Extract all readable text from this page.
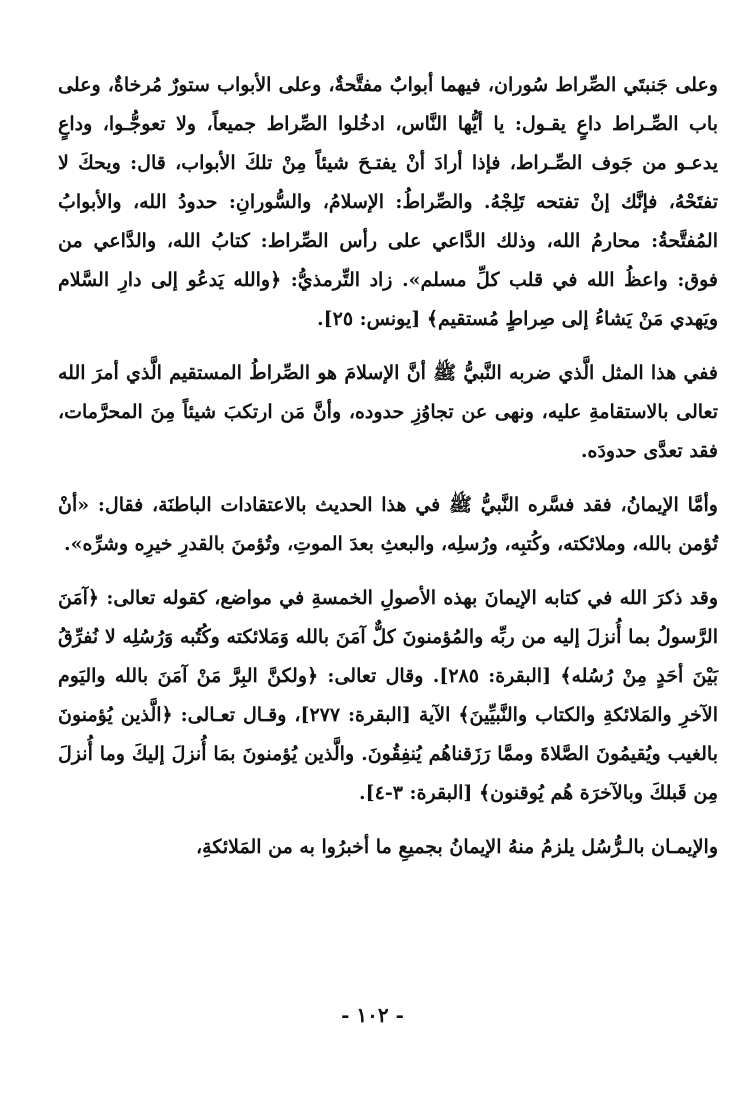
وعلى جَنبتَي الصِّراط سُوران، فيهما أبوابٌ مفتَّحةٌ، وعلى الأبواب ستورٌ مُرخاةٌ، وعلى باب الصِّـراط داعٍ يقـول: يا أيُّها النَّاس، ادخُلوا الصِّراط جميعاً، ولا تعوجُّـوا، وداعٍ يدعـو من جَوف الصِّـراط، فإذا أرادَ أنْ يفتـحَ شيئاً مِنْ تلكَ الأبواب، قال: ويحكَ لا تفتَحْهُ، فإنَّك إنْ تفتحه تَلِجْهُ. والصِّراطُ: الإسلامُ، والسُّورانِ: حدودُ الله، والأبوابُ المُفتَّحةُ: محارمُ الله، وذلك الدَّاعي على رأس الصِّراط: كتابُ الله، والدَّاعي من فوق: واعظُ الله في قلب كلِّ مسلم». زاد التِّرمذيُّ: ﴿والله يَدعُو إلى دارِ السَّلام ويَهدي مَنْ يَشاءُ إلى صِراطٍ مُستقيم﴾ [يونس: ٢٥].

ففي هذا المثل الَّذي ضربه النَّبيُّ ﷺ أنَّ الإسلامَ هو الصِّراطُ المستقيم الَّذي أمرَ الله تعالى بالاستقامةِ عليه، ونهى عن تجاوُزِ حدوده، وأنَّ مَن ارتكبَ شيئاً مِنَ المحرَّمات، فقد تعدَّى حدودَه.

وأمَّا الإيمانُ، فقد فسَّره النَّبيُّ ﷺ في هذا الحديث بالاعتقادات الباطنَة، فقال: «أنْ تُؤمن بالله، وملائكته، وكُتبِه، ورُسلِه، والبعثِ بعدَ الموتِ، وتُؤمنَ بالقدرِ خيرِه وشرِّه».

وقد ذكرَ الله في كتابه الإيمانَ بهذه الأصولِ الخمسةِ في مواضع، كقوله تعالى: ﴿آمَنَ الرَّسولُ بما أُنزلَ إليه من ربِّه والمُؤمنونَ كلٌّ آمَنَ بالله وَمَلائكته وكُتُبه وَرُسُلِه لا نُفرِّقُ بَيْنَ أحَدٍ مِنْ رُسُله﴾ [البقرة: ٢٨٥]. وقال تعالى: ﴿ولكنَّ البِرَّ مَنْ آمَنَ بالله واليَوم الآخرِ والمَلائكةِ والكتاب والنَّبيِّينَ﴾ الآية [البقرة: ٢٧٧]، وقـال تعـالى: ﴿الَّذين يُؤمنونَ بالغيب ويُقيمُونَ الصَّلاةَ وممَّا رَزَقناهُم يُنفِقُونَ. والَّذين يُؤمنونَ بمَا أُنزلَ إليكَ وما أُنزلَ مِن قَبلكَ وبالآخرَة هُم يُوقنون﴾ [البقرة: ٣-٤].

والإيمـان بالـرُّسُل يلزمُ منهُ الإيمانُ بجميعِ ما أخبرُوا به من المَلائكةِ،

- ١٠٢ -
